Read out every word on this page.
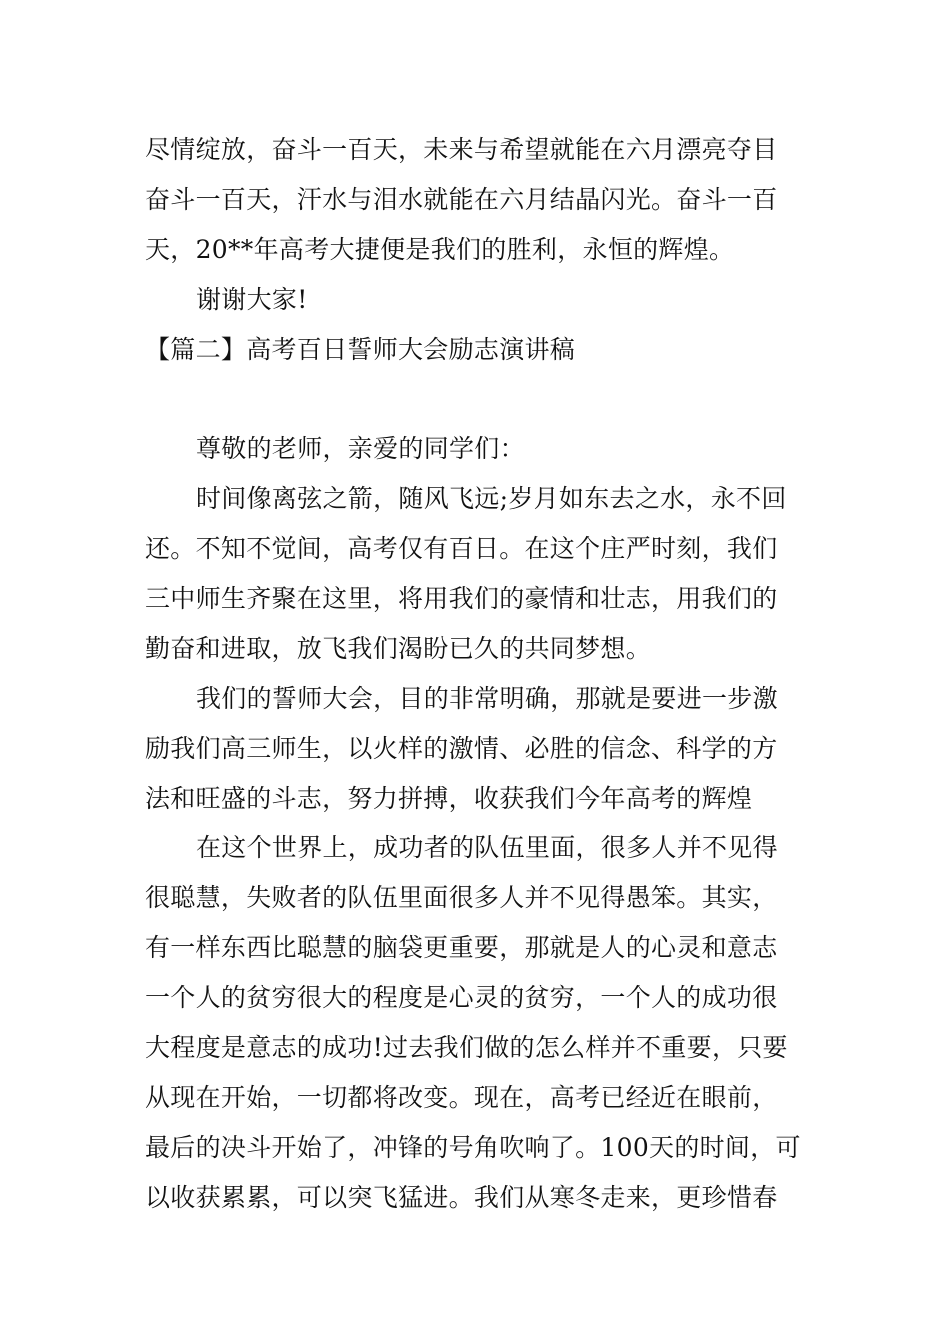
尽情绽放，奋斗一百天，未来与希望就能在六月漂亮夺目
奋斗一百天，汗水与泪水就能在六月结晶闪光。奋斗一百
天，20**年高考大捷便是我们的胜利，永恒的辉煌。
谢谢大家!
【篇二】高考百日誓师大会励志演讲稿
尊敬的老师，亲爱的同学们：
时间像离弦之箭，随风飞远;岁月如东去之水，永不回
还。不知不觉间，高考仅有百日。在这个庄严时刻，我们
三中师生齐聚在这里，将用我们的豪情和壮志，用我们的
勤奋和进取，放飞我们渴盼已久的共同梦想。
我们的誓师大会，目的非常明确，那就是要进一步激
励我们高三师生，以火样的激情、必胜的信念、科学的方
法和旺盛的斗志，努力拼搏，收获我们今年高考的辉煌
在这个世界上，成功者的队伍里面，很多人并不见得
很聪慧，失败者的队伍里面很多人并不见得愚笨。其实，
有一样东西比聪慧的脑袋更重要，那就是人的心灵和意志
一个人的贫穷很大的程度是心灵的贫穷，一个人的成功很
大程度是意志的成功!过去我们做的怎么样并不重要，只要
从现在开始，一切都将改变。现在，高考已经近在眼前，
最后的决斗开始了，冲锋的号角吹响了。100天的时间，可
以收获累累，可以突飞猛进。我们从寒冬走来，更珍惜春
